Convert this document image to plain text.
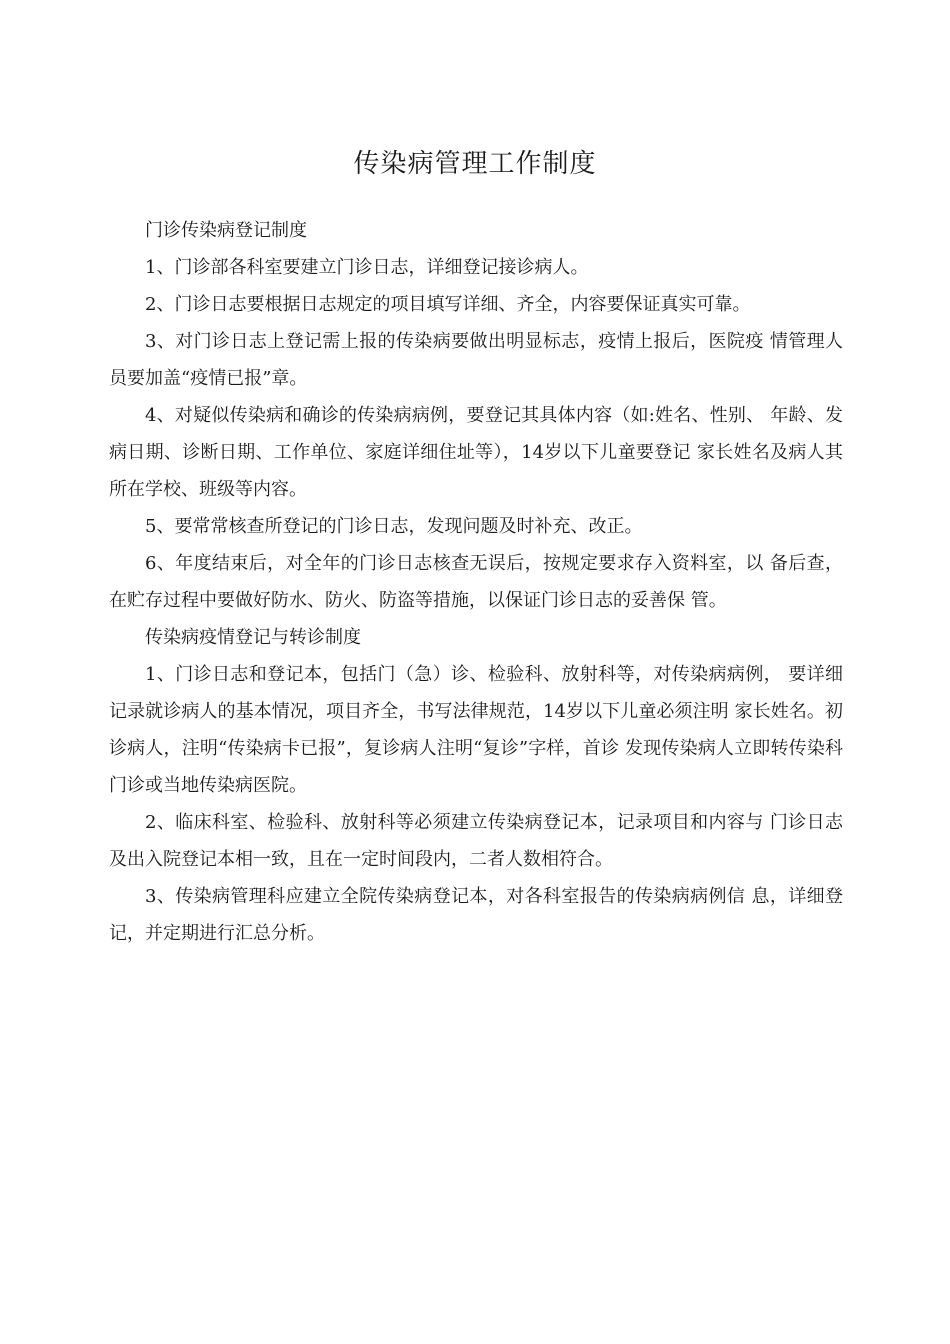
传染病管理工作制度

门诊传染病登记制度

1、门诊部各科室要建立门诊日志，详细登记接诊病人。

2、门诊日志要根据日志规定的项目填写详细、齐全，内容要保证真实可靠。

3、对门诊日志上登记需上报的传染病要做出明显标志，疫情上报后，医院疫 情管理人员要加盖“疫情已报”章。

4、对疑似传染病和确诊的传染病病例，要登记其具体内容（如:姓名、性别、 年龄、发病日期、诊断日期、工作单位、家庭详细住址等），14岁以下儿童要登记 家长姓名及病人其所在学校、班级等内容。

5、要常常核查所登记的门诊日志，发现问题及时补充、改正。

6、年度结束后，对全年的门诊日志核查无误后，按规定要求存入资料室，以 备后查，在贮存过程中要做好防水、防火、防盗等措施，以保证门诊日志的妥善保 管。

传染病疫情登记与转诊制度

1、门诊日志和登记本，包括门（急）诊、检验科、放射科等，对传染病病例， 要详细记录就诊病人的基本情况，项目齐全，书写法律规范，14岁以下儿童必须注明 家长姓名。初诊病人，注明“传染病卡已报”，复诊病人注明“复诊”字样，首诊 发现传染病人立即转传染科门诊或当地传染病医院。

2、临床科室、检验科、放射科等必须建立传染病登记本，记录项目和内容与 门诊日志及出入院登记本相一致，且在一定时间段内，二者人数相符合。

3、传染病管理科应建立全院传染病登记本，对各科室报告的传染病病例信 息，详细登记，并定期进行汇总分析。
